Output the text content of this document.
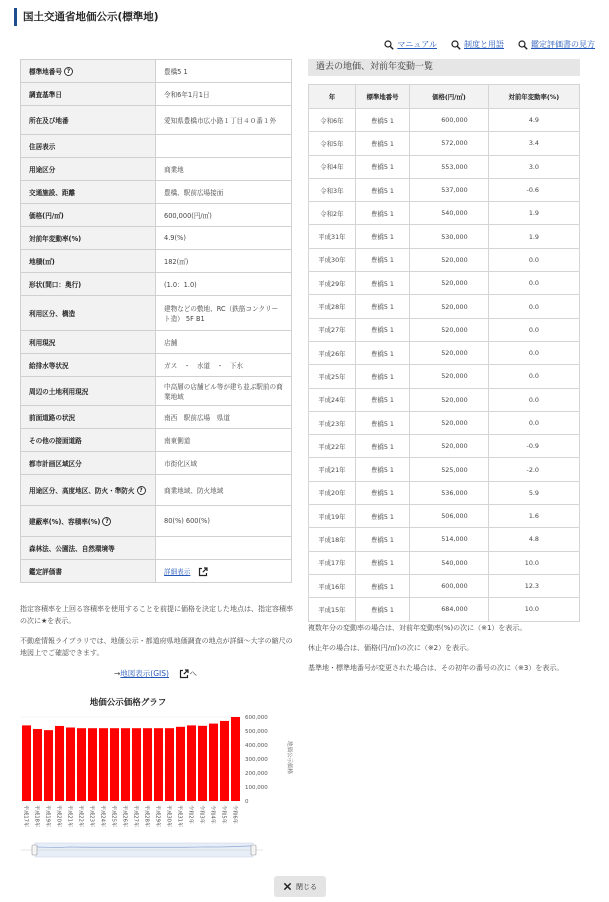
国土交通省地価公示(標準地)
マニュアル	制度と用語	鑑定評価書の見方
標準地番号 ?	豊橋5 1
調査基準日	令和6年1月1日
所在及び地番	愛知県豊橋市広小路１丁目４０番１外
住居表示	
用途区分	商業地
交通施設、距離	豊橋、駅前広場接面
価格(円/㎡)	600,000(円/㎡)
対前年変動率(%)	4.9(%)
地積(㎡)	182(㎡)
形状(間口：奥行)	(1.0：1.0)
利用区分、構造	建物などの敷地、RC（鉄筋コンクリート造） 5F B1
利用現況	店舗
給排水等状況	ガス　・　水道　・　下水
周辺の土地利用現況	中高層の店舗ビル等が建ち並ぶ駅前の商業地域
前面道路の状況	南西　駅前広場　県道
その他の接面道路	南東側道
都市計画区域区分	市街化区域
用途区分、高度地区、防火・準防火 ?	商業地域、防火地域
建蔽率(%)、容積率(%) ?	80(%) 600(%)
森林法、公園法、自然環境等	
鑑定評価書	詳細表示
指定容積率を上回る容積率を使用することを前提に価格を決定した地点は、指定容積率の次に★を表示。
不動産情報ライブラリでは、地価公示・都道府県地価調査の地点が詳細～大字の縮尺の地図上でご確認できます。
→地図表示(GIS)	へ
過去の地価、対前年変動一覧
年	標準地番号	価格(円/㎡)	対前年変動率(%)
令和6年	豊橋5 1	600,000	4.9
令和5年	豊橋5 1	572,000	3.4
令和4年	豊橋5 1	553,000	3.0
令和3年	豊橋5 1	537,000	-0.6
令和2年	豊橋5 1	540,000	1.9
平成31年	豊橋5 1	530,000	1.9
平成30年	豊橋5 1	520,000	0.0
平成29年	豊橋5 1	520,000	0.0
平成28年	豊橋5 1	520,000	0.0
平成27年	豊橋5 1	520,000	0.0
平成26年	豊橋5 1	520,000	0.0
平成25年	豊橋5 1	520,000	0.0
平成24年	豊橋5 1	520,000	0.0
平成23年	豊橋5 1	520,000	0.0
平成22年	豊橋5 1	520,000	-0.9
平成21年	豊橋5 1	525,000	-2.0
平成20年	豊橋5 1	536,000	5.9
平成19年	豊橋5 1	506,000	1.6
平成18年	豊橋5 1	514,000	4.8
平成17年	豊橋5 1	540,000	10.0
平成16年	豊橋5 1	600,000	12.3
平成15年	豊橋5 1	684,000	10.0
複数年分の変動率の場合は、対前年変動率(%)の次に（※1）を表示。
休止年の場合は、価格(円/㎡)の次に（※2）を表示。
基準地・標準地番号が変更された場合は、その初年の番号の次に（※3）を表示。
地価公示価格グラフ
0
100,000
200,000
300,000
400,000
500,000
600,000
地価公示価格
平成17年 平成18年 平成19年 平成20年 平成21年 平成22年 平成23年 平成24年 平成25年 平成26年 平成27年 平成28年 平成29年 平成30年 平成31年 令和2年 令和3年 令和4年 令和5年 令和6年
閉じる
